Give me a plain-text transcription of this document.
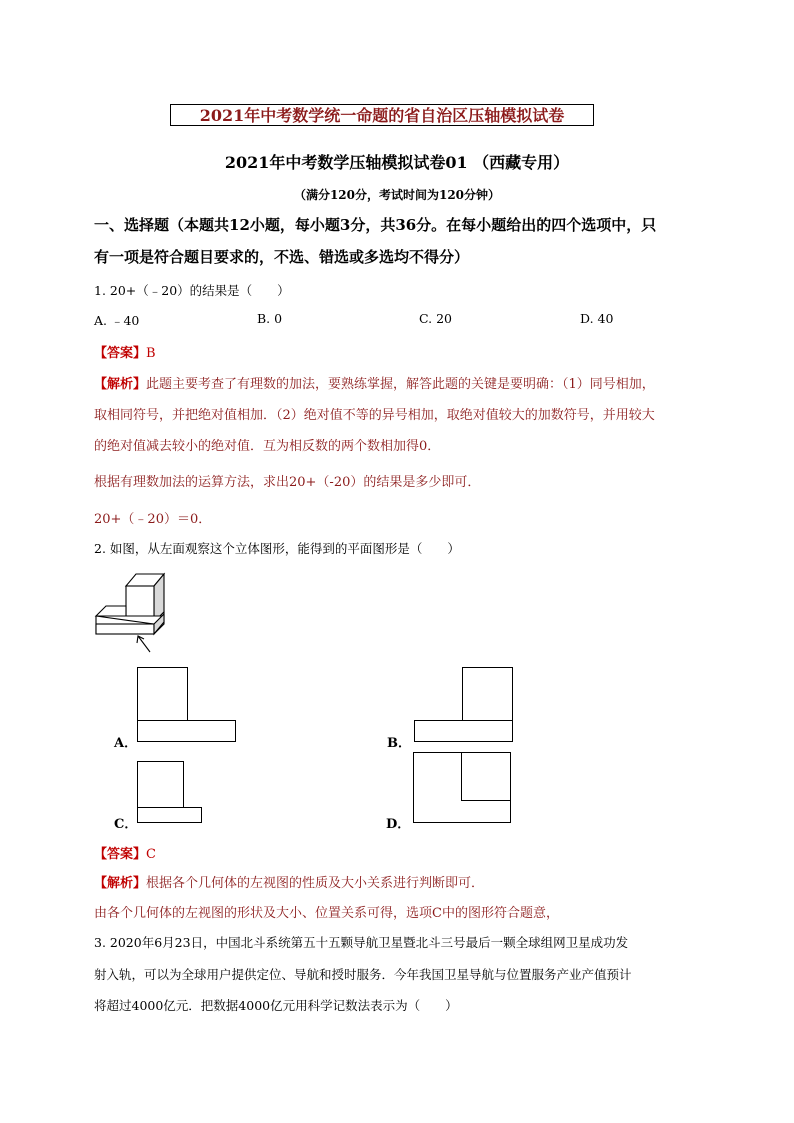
2021年中考数学统一命题的省自治区压轴模拟试卷
2021年中考数学压轴模拟试卷01 （西藏专用）
（满分120分，考试时间为120分钟）
一、选择题（本题共12小题，每小题3分，共36分。在每小题给出的四个选项中，只
有一项是符合题目要求的，不选、错选或多选均不得分）
1. 20+（﹣20）的结果是（　　）
A. ﹣40	B. 0	C. 20	D. 40
【答案】B
【解析】此题主要考查了有理数的加法，要熟练掌握，解答此题的关键是要明确：（1）同号相加，
取相同符号，并把绝对值相加．（2）绝对值不等的异号相加，取绝对值较大的加数符号，并用较大
的绝对值减去较小的绝对值．互为相反数的两个数相加得0．
根据有理数加法的运算方法，求出20+（-20）的结果是多少即可．
20+（﹣20）＝0．
2. 如图，从左面观察这个立体图形，能得到的平面图形是（　　）
A．	B．
C．	D．
【答案】C
【解析】根据各个几何体的左视图的性质及大小关系进行判断即可．
由各个几何体的左视图的形状及大小、位置关系可得，选项C中的图形符合题意，
3. 2020年6月23日，中国北斗系统第五十五颗导航卫星暨北斗三号最后一颗全球组网卫星成功发
射入轨，可以为全球用户提供定位、导航和授时服务．今年我国卫星导航与位置服务产业产值预计
将超过4000亿元．把数据4000亿元用科学记数法表示为（　　）
